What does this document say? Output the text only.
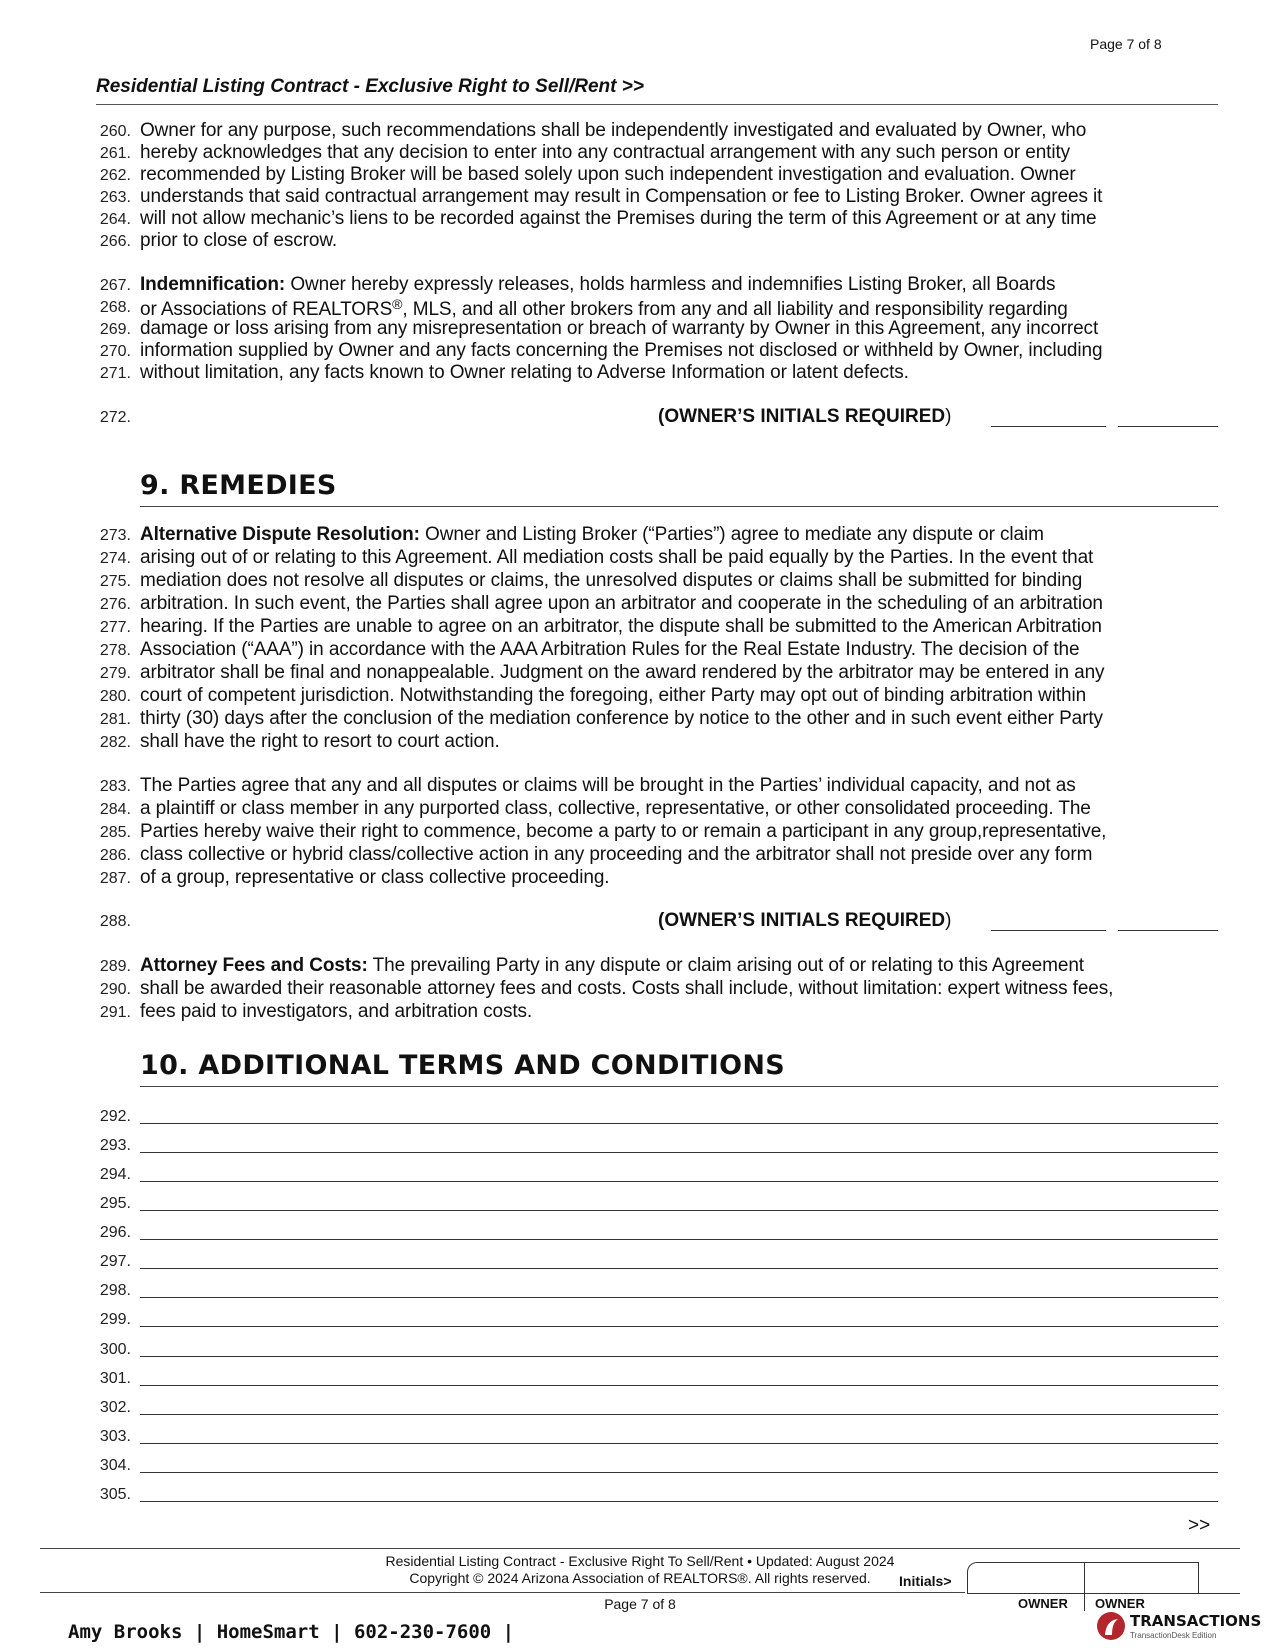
Page 7 of 8
Residential Listing Contract - Exclusive Right to Sell/Rent >>
260. Owner for any purpose, such recommendations shall be independently investigated and evaluated by Owner, who
261. hereby acknowledges that any decision to enter into any contractual arrangement with any such person or entity
262. recommended by Listing Broker will be based solely upon such independent investigation and evaluation. Owner
263. understands that said contractual arrangement may result in Compensation or fee to Listing Broker. Owner agrees it
264. will not allow mechanic’s liens to be recorded against the Premises during the term of this Agreement or at any time
266. prior to close of escrow.
267. Indemnification: Owner hereby expressly releases, holds harmless and indemnifies Listing Broker, all Boards
268. or Associations of REALTORS®, MLS, and all other brokers from any and all liability and responsibility regarding
269. damage or loss arising from any misrepresentation or breach of warranty by Owner in this Agreement, any incorrect
270. information supplied by Owner and any facts concerning the Premises not disclosed or withheld by Owner, including
271. without limitation, any facts known to Owner relating to Adverse Information or latent defects.
272.	(OWNER’S INITIALS REQUIRED)
9. REMEDIES
273. Alternative Dispute Resolution: Owner and Listing Broker (“Parties”) agree to mediate any dispute or claim
274. arising out of or relating to this Agreement. All mediation costs shall be paid equally by the Parties. In the event that
275. mediation does not resolve all disputes or claims, the unresolved disputes or claims shall be submitted for binding
276. arbitration. In such event, the Parties shall agree upon an arbitrator and cooperate in the scheduling of an arbitration
277. hearing. If the Parties are unable to agree on an arbitrator, the dispute shall be submitted to the American Arbitration
278. Association (“AAA”) in accordance with the AAA Arbitration Rules for the Real Estate Industry. The decision of the
279. arbitrator shall be final and nonappealable. Judgment on the award rendered by the arbitrator may be entered in any
280. court of competent jurisdiction. Notwithstanding the foregoing, either Party may opt out of binding arbitration within
281. thirty (30) days after the conclusion of the mediation conference by notice to the other and in such event either Party
282. shall have the right to resort to court action.
283. The Parties agree that any and all disputes or claims will be brought in the Parties’ individual capacity, and not as
284. a plaintiff or class member in any purported class, collective, representative, or other consolidated proceeding. The
285. Parties hereby waive their right to commence, become a party to or remain a participant in any group,representative,
286. class collective or hybrid class/collective action in any proceeding and the arbitrator shall not preside over any form
287. of a group, representative or class collective proceeding.
288.	(OWNER’S INITIALS REQUIRED)
289. Attorney Fees and Costs: The prevailing Party in any dispute or claim arising out of or relating to this Agreement
290. shall be awarded their reasonable attorney fees and costs. Costs shall include, without limitation: expert witness fees,
291. fees paid to investigators, and arbitration costs.
10. ADDITIONAL TERMS AND CONDITIONS
292.
293.
294.
295.
296.
297.
298.
299.
300.
301.
302.
303.
304.
305.
>>
Residential Listing Contract - Exclusive Right To Sell/Rent • Updated: August 2024
Copyright © 2024 Arizona Association of REALTORS®. All rights reserved.
Page 7 of 8
Initials>
OWNER OWNER
Amy Brooks | HomeSmart | 602-230-7600 |	TRANSACTIONS
TransactionDesk Edition
